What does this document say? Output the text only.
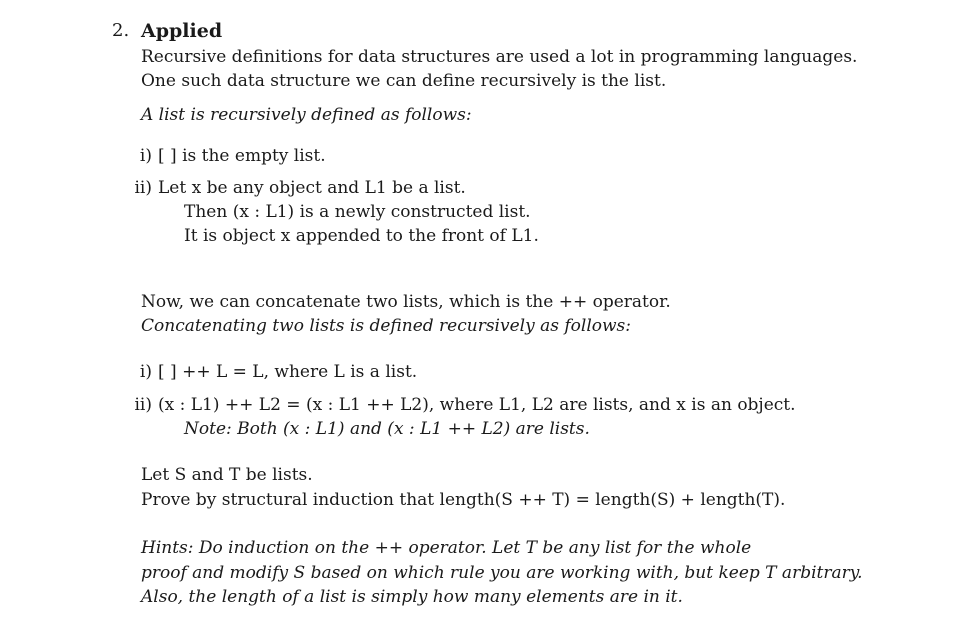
2. Applied
Recursive definitions for data structures are used a lot in programming languages.
One such data structure we can define recursively is the list.
A list is recursively defined as follows:
i) [ ] is the empty list.
ii) Let x be any object and L1 be a list.
Then (x : L1) is a newly constructed list.
It is object x appended to the front of L1.
Now, we can concatenate two lists, which is the ++ operator.
Concatenating two lists is defined recursively as follows:
i) [ ] ++ L = L, where L is a list.
ii) (x : L1) ++ L2 = (x : L1 ++ L2), where L1, L2 are lists, and x is an object.
Note: Both (x : L1) and (x : L1 ++ L2) are lists.
Let S and T be lists.
Prove by structural induction that length(S ++ T) = length(S) + length(T).
Hints: Do induction on the ++ operator. Let T be any list for the whole
proof and modify S based on which rule you are working with, but keep T arbitrary.
Also, the length of a list is simply how many elements are in it.
